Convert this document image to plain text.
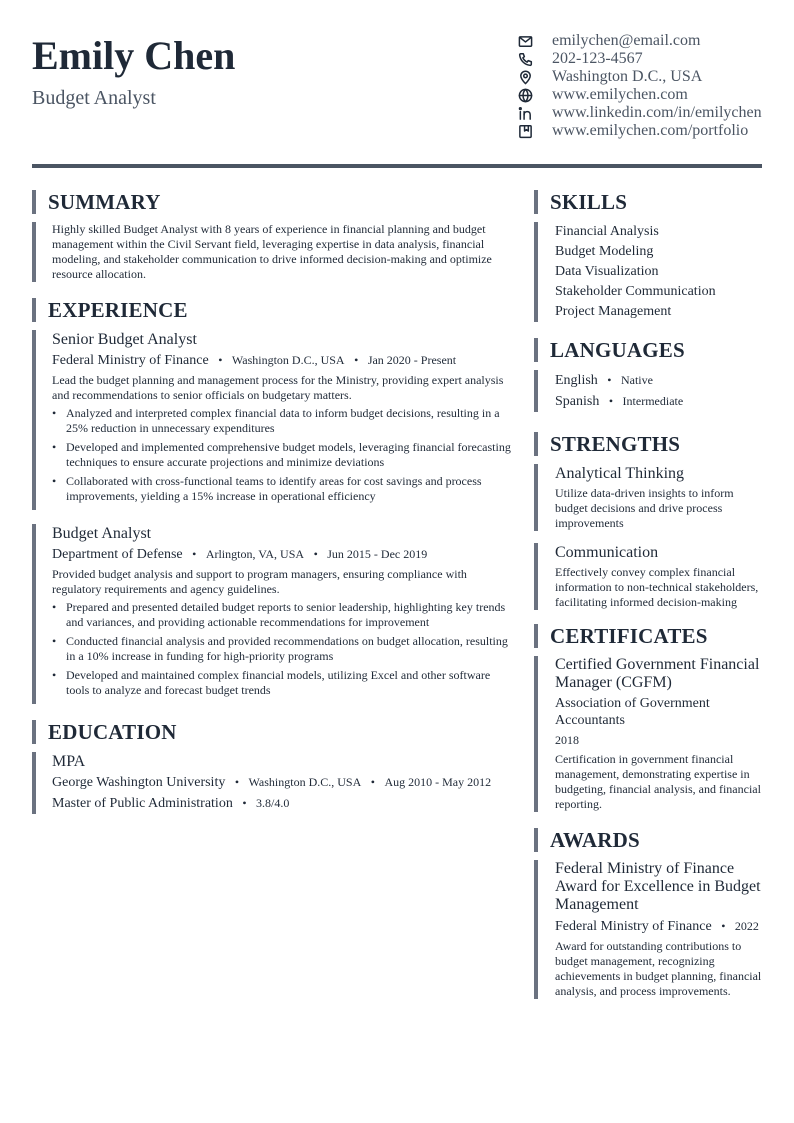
Emily Chen
Budget Analyst
emilychen@email.com
202-123-4567
Washington D.C., USA
www.emilychen.com
www.linkedin.com/in/emilychen
www.emilychen.com/portfolio
SUMMARY
Highly skilled Budget Analyst with 8 years of experience in financial planning and budget management within the Civil Servant field, leveraging expertise in data analysis, financial modeling, and stakeholder communication to drive informed decision-making and optimize resource allocation.
EXPERIENCE
Senior Budget Analyst
Federal Ministry of Finance • Washington D.C., USA • Jan 2020 - Present
Lead the budget planning and management process for the Ministry, providing expert analysis and recommendations to senior officials on budgetary matters.
• Analyzed and interpreted complex financial data to inform budget decisions, resulting in a 25% reduction in unnecessary expenditures
• Developed and implemented comprehensive budget models, leveraging financial forecasting techniques to ensure accurate projections and minimize deviations
• Collaborated with cross-functional teams to identify areas for cost savings and process improvements, yielding a 15% increase in operational efficiency
Budget Analyst
Department of Defense • Arlington, VA, USA • Jun 2015 - Dec 2019
Provided budget analysis and support to program managers, ensuring compliance with regulatory requirements and agency guidelines.
• Prepared and presented detailed budget reports to senior leadership, highlighting key trends and variances, and providing actionable recommendations for improvement
• Conducted financial analysis and provided recommendations on budget allocation, resulting in a 10% increase in funding for high-priority programs
• Developed and maintained complex financial models, utilizing Excel and other software tools to analyze and forecast budget trends
EDUCATION
MPA
George Washington University • Washington D.C., USA • Aug 2010 - May 2012
Master of Public Administration • 3.8/4.0
SKILLS
Financial Analysis
Budget Modeling
Data Visualization
Stakeholder Communication
Project Management
LANGUAGES
English • Native
Spanish • Intermediate
STRENGTHS
Analytical Thinking
Utilize data-driven insights to inform budget decisions and drive process improvements
Communication
Effectively convey complex financial information to non-technical stakeholders, facilitating informed decision-making
CERTIFICATES
Certified Government Financial Manager (CGFM)
Association of Government Accountants
2018
Certification in government financial management, demonstrating expertise in budgeting, financial analysis, and financial reporting.
AWARDS
Federal Ministry of Finance Award for Excellence in Budget Management
Federal Ministry of Finance • 2022
Award for outstanding contributions to budget management, recognizing achievements in budget planning, financial analysis, and process improvements.
